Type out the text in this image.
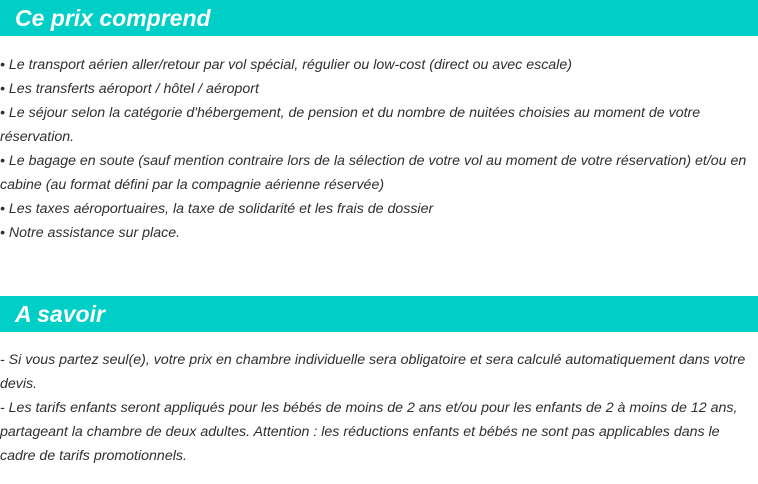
Ce prix comprend
• Le transport aérien aller/retour par vol spécial, régulier ou low-cost (direct ou avec escale)
• Les transferts aéroport / hôtel / aéroport
• Le séjour selon la catégorie d'hébergement, de pension et du nombre de nuitées choisies au moment de votre réservation.
• Le bagage en soute (sauf mention contraire lors de la sélection de votre vol au moment de votre réservation) et/ou en cabine (au format défini par la compagnie aérienne réservée)
• Les taxes aéroportuaires, la taxe de solidarité et les frais de dossier
• Notre assistance sur place.
A savoir
- Si vous partez seul(e), votre prix en chambre individuelle sera obligatoire et sera calculé automatiquement dans votre devis.
- Les tarifs enfants seront appliqués pour les bébés de moins de 2 ans et/ou pour les enfants de 2 à moins de 12 ans, partageant la chambre de deux adultes. Attention : les réductions enfants et bébés ne sont pas applicables dans le cadre de tarifs promotionnels.
